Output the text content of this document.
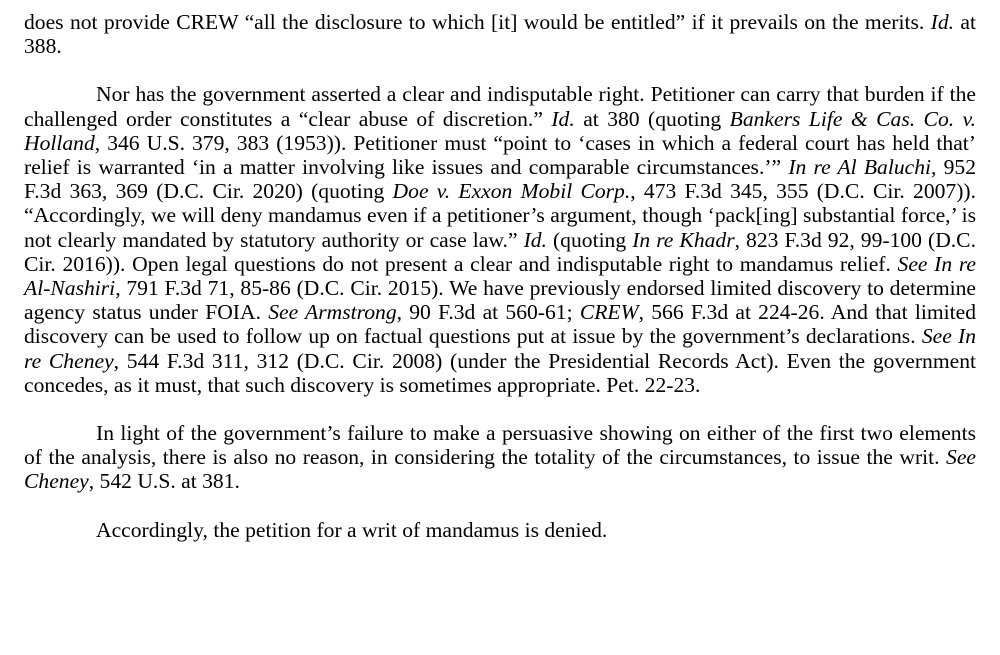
does not provide CREW “all the disclosure to which [it] would be entitled” if it prevails on the merits. Id. at 388.

Nor has the government asserted a clear and indisputable right. Petitioner can carry that burden if the challenged order constitutes a “clear abuse of discretion.” Id. at 380 (quoting Bankers Life & Cas. Co. v. Holland, 346 U.S. 379, 383 (1953)). Petitioner must “point to ‘cases in which a federal court has held that’ relief is warranted ‘in a matter involving like issues and comparable circumstances.’” In re Al Baluchi, 952 F.3d 363, 369 (D.C. Cir. 2020) (quoting Doe v. Exxon Mobil Corp., 473 F.3d 345, 355 (D.C. Cir. 2007)). “Accordingly, we will deny mandamus even if a petitioner’s argument, though ‘pack[ing] substantial force,’ is not clearly mandated by statutory authority or case law.” Id. (quoting In re Khadr, 823 F.3d 92, 99-100 (D.C. Cir. 2016)). Open legal questions do not present a clear and indisputable right to mandamus relief. See In re Al-Nashiri, 791 F.3d 71, 85-86 (D.C. Cir. 2015). We have previously endorsed limited discovery to determine agency status under FOIA. See Armstrong, 90 F.3d at 560-61; CREW, 566 F.3d at 224-26. And that limited discovery can be used to follow up on factual questions put at issue by the government’s declarations. See In re Cheney, 544 F.3d 311, 312 (D.C. Cir. 2008) (under the Presidential Records Act). Even the government concedes, as it must, that such discovery is sometimes appropriate. Pet. 22-23.

In light of the government’s failure to make a persuasive showing on either of the first two elements of the analysis, there is also no reason, in considering the totality of the circumstances, to issue the writ. See Cheney, 542 U.S. at 381.

Accordingly, the petition for a writ of mandamus is denied.
